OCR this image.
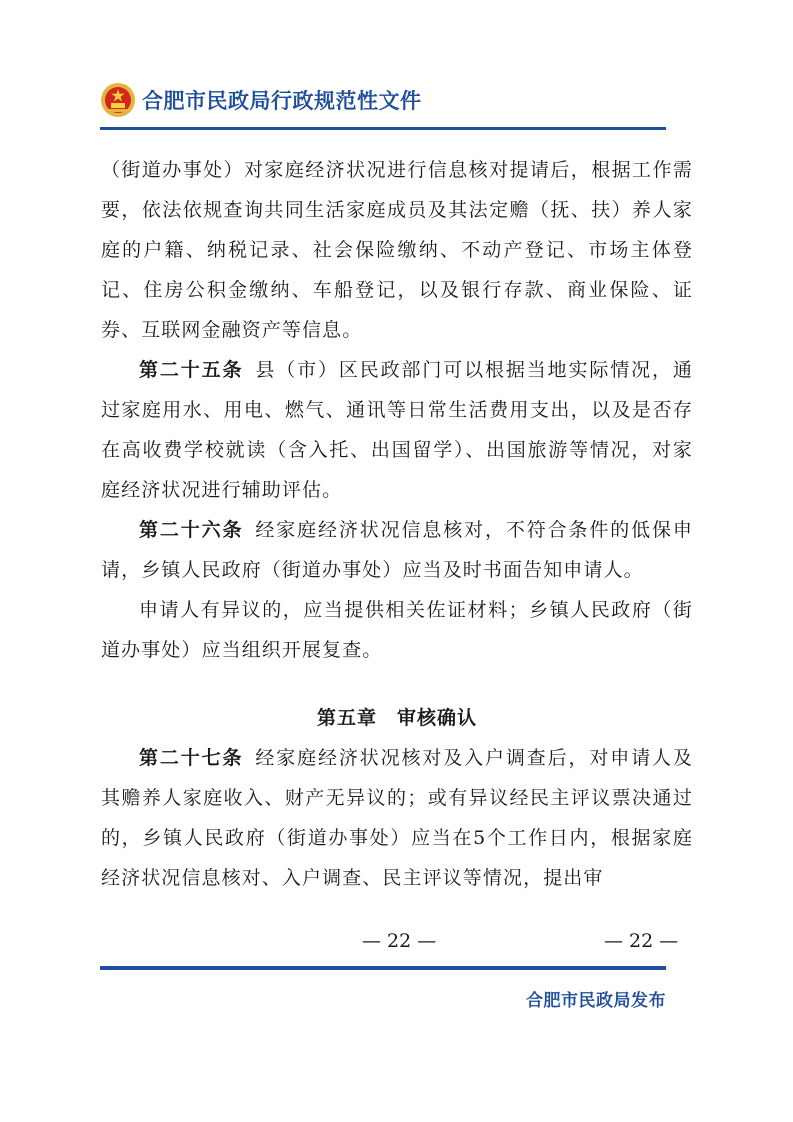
合肥市民政局行政规范性文件

（街道办事处）对家庭经济状况进行信息核对提请后，根据工作需要，依法依规查询共同生活家庭成员及其法定赡（抚、扶）养人家庭的户籍、纳税记录、社会保险缴纳、不动产登记、市场主体登记、住房公积金缴纳、车船登记，以及银行存款、商业保险、证券、互联网金融资产等信息。

第二十五条 县（市）区民政部门可以根据当地实际情况，通过家庭用水、用电、燃气、通讯等日常生活费用支出，以及是否存在高收费学校就读（含入托、出国留学）、出国旅游等情况，对家庭经济状况进行辅助评估。

第二十六条 经家庭经济状况信息核对，不符合条件的低保申请，乡镇人民政府（街道办事处）应当及时书面告知申请人。

申请人有异议的，应当提供相关佐证材料；乡镇人民政府（街道办事处）应当组织开展复查。

第五章　审核确认

第二十七条 经家庭经济状况核对及入户调查后，对申请人及其赡养人家庭收入、财产无异议的；或有异议经民主评议票决通过的，乡镇人民政府（街道办事处）应当在5个工作日内，根据家庭经济状况信息核对、入户调查、民主评议等情况，提出审

— 22 —	— 22 —
合肥市民政局发布
